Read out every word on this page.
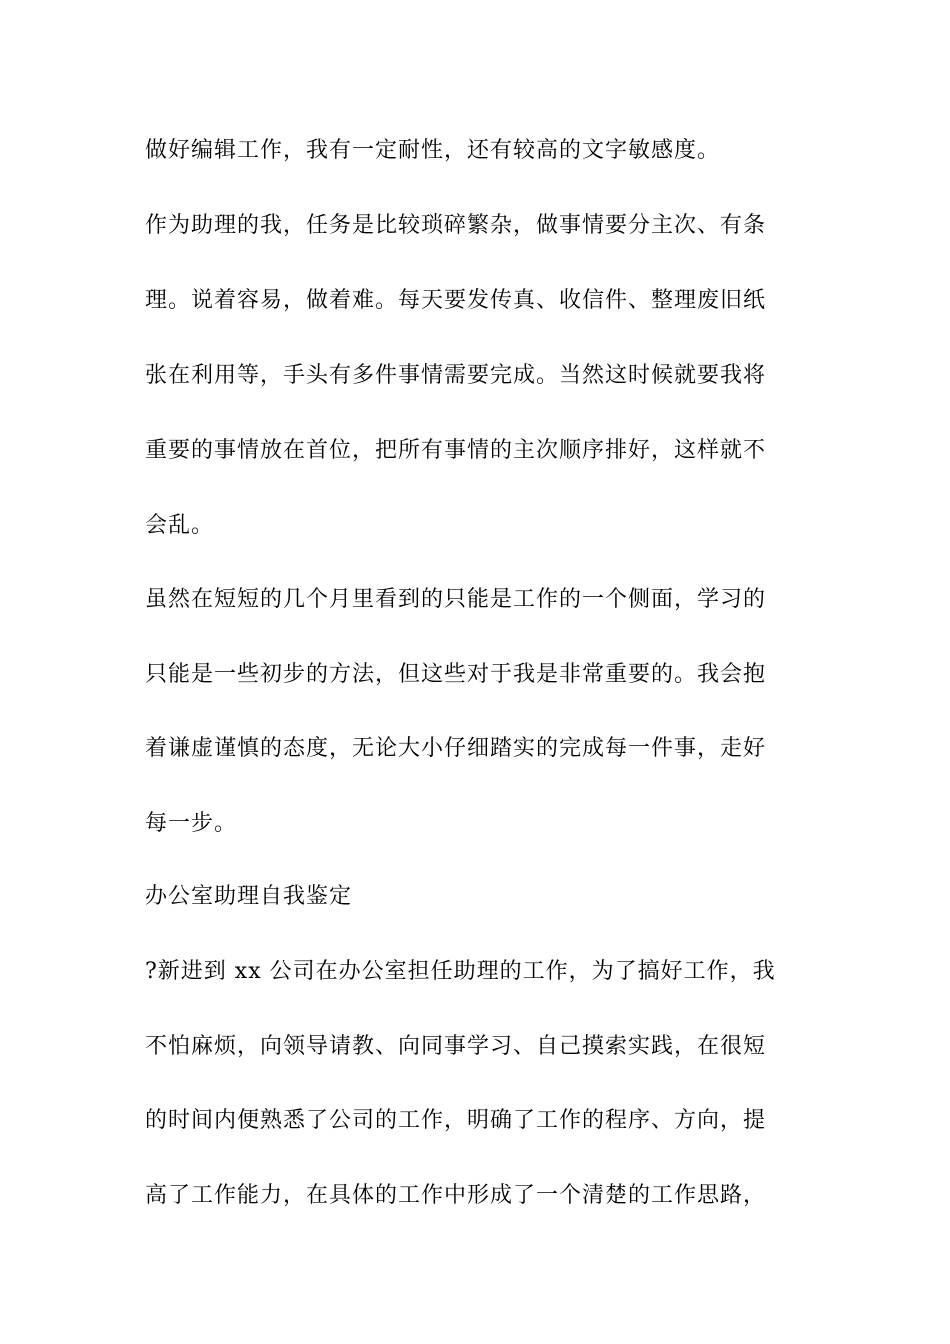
做好编辑工作，我有一定耐性，还有较高的文字敏感度。
作为助理的我，任务是比较琐碎繁杂，做事情要分主次、有条
理。说着容易，做着难。每天要发传真、收信件、整理废旧纸
张在利用等，手头有多件事情需要完成。当然这时候就要我将
重要的事情放在首位，把所有事情的主次顺序排好，这样就不
会乱。
虽然在短短的几个月里看到的只能是工作的一个侧面，学习的
只能是一些初步的方法，但这些对于我是非常重要的。我会抱
着谦虚谨慎的态度，无论大小仔细踏实的完成每一件事，走好
每一步。
办公室助理自我鉴定
?新进到 xx 公司在办公室担任助理的工作，为了搞好工作，我
不怕麻烦，向领导请教、向同事学习、自己摸索实践，在很短
的时间内便熟悉了公司的工作，明确了工作的程序、方向，提
高了工作能力，在具体的工作中形成了一个清楚的工作思路，
